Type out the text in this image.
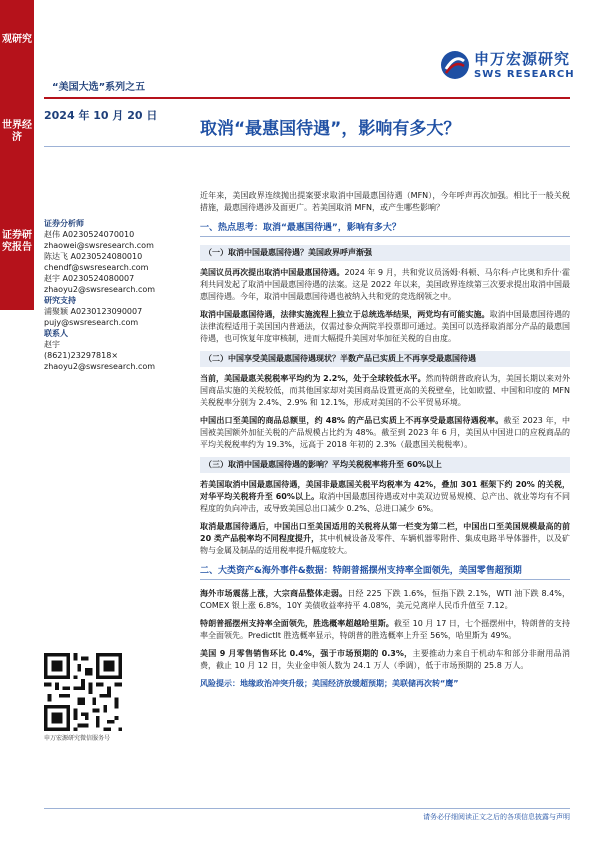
观研究
世界经济
证券研究报告
申万宏源研究
SWS RESEARCH
“美国大选”系列之五
2024 年 10 月 20 日
取消“最惠国待遇”，影响有多大？
证券分析师
赵伟 A0230524070010
zhaowei@swsresearch.com
陈达飞 A0230524080010
chendf@swsresearch.com
赵宇 A0230524080007
zhaoyu2@swsresearch.com
研究支持
浦聚颖 A0230123090007
pujy@swsresearch.com
联系人
赵宇
(8621)23297818×
zhaoyu2@swsresearch.com
申万宏源研究微信服务号

近年来，美国政界连续抛出提案要求取消中国最惠国待遇（MFN），今年呼声再次加强。相比于一般关税措施，最惠国待遇涉及面更广。若美国取消 MFN，或产生哪些影响？

一、热点思考：取消“最惠国待遇”，影响有多大？
（一）取消中国最惠国待遇？美国政界呼声渐强

美国议员再次提出取消中国最惠国待遇。2024 年 9 月，共和党议员汤姆·科顿、马尔科·卢比奥和乔什·霍利共同发起了取消中国最惠国待遇的法案。这是 2022 年以来，美国政界连续第三次要求提出取消中国最惠国待遇。今年，取消中国最惠国待遇也被纳入共和党的竞选纲领之中。

取消中国最惠国待遇，法律实施流程上独立于总统选举结果，两党均有可能实施。取消中国最惠国待遇的法律流程适用于美国国内普通法，仅需过参众两院半投票即可通过。美国可以选择取消部分产品的最惠国待遇，也可恢复年度审核制，进而大幅提升美国对华加征关税的自由度。

（二）中国享受美国最惠国待遇现状？半数产品已实质上不再享受最惠国待遇

当前，美国最惠关税税率平均约为 2.2%，处于全球较低水平。然而特朗普政府认为，美国长期以来对外国商品实施的关税较低，而其他国家却对美国商品设置更高的关税壁垒，比如欧盟、中国和印度的 MFN 关税税率分别为 2.4%、2.9% 和 12.1%，形成对美国的不公平贸易环境。

中国出口至美国的商品总额里，约 48% 的产品已实质上不再享受最惠国待遇税率。截至 2023 年，中国被美国额外加征关税的产品规模占比约为 48%。截至到 2023 年 6 月，美国从中国进口的应税商品的平均关税税率约为 19.3%，远高于 2018 年初的 2.3%（最惠国关税税率）。

（三）取消中国最惠国待遇的影响？平均关税税率将升至 60%以上

若美国取消中国最惠国待遇，美国非最惠国关税平均税率为 42%，叠加 301 框架下约 20% 的关税，对华平均关税将升至 60%以上。取消中国最惠国待遇或对中美双边贸易规模、总产出、就业等均有不同程度的负向冲击，或导致美国总出口减少 0.2%、总进口减少 6%。

取消最惠国待遇后，中国出口至美国适用的关税将从第一栏变为第二栏，中国出口至美国规模最高的前 20 类产品税率均不同程度提升，其中机械设备及零件、车辆机器零附件、集成电路半导体器件，以及矿物与金属及制品的适用税率提升幅度较大。

二、大类资产&海外事件&数据：特朗普摇摆州支持率全面领先，美国零售超预期

海外市场震荡上涨，大宗商品整体走弱。日经 225 下跌 1.6%，恒指下跌 2.1%，WTI 油下跌 8.4%，COMEX 银上涨 6.8%，10Y 美债收益率持平 4.08%，美元兑离岸人民币升值至 7.12。

特朗普摇摆州支持率全面领先，胜选概率超越哈里斯。截至 10 月 17 日，七个摇摆州中，特朗普的支持率全面领先。PredictIt 胜选概率显示，特朗普的胜选概率上升至 56%，哈里斯为 49%。

美国 9 月零售销售环比 0.4%，强于市场预期的 0.3%，主要推动力来自于机动车和部分非耐用品消费，截止 10 月 12 日，失业金申领人数为 24.1 万人（季调），低于市场预期的 25.8 万人。

风险提示：地缘政治冲突升级；美国经济放缓超预期；美联储再次转“鹰”

请务必仔细阅读正文之后的各项信息披露与声明
